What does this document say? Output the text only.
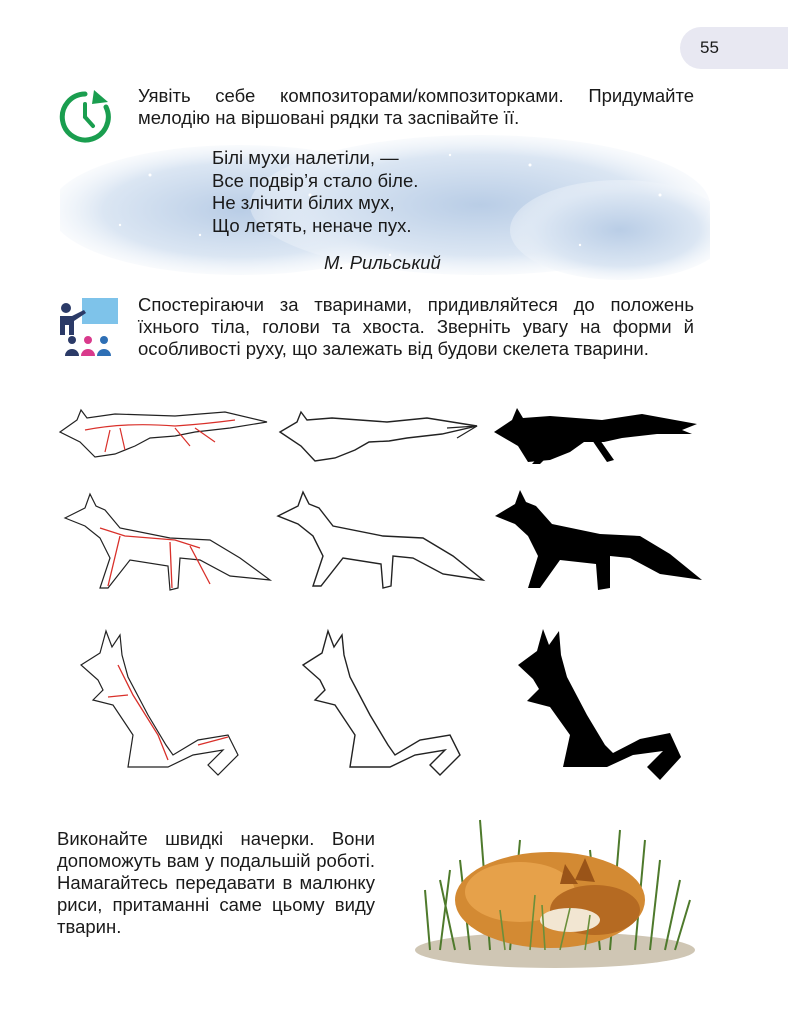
55
Уявіть себе композиторами/композиторками. Придумайте мелодію на віршовані рядки та заспівайте її.
Білі мухи налетіли, —
Все подвір’я стало біле.
Не злічити білих мух,
Що летять, неначе пух.
М. Рильський
Спостерігаючи за тваринами, придивляйтеся до положень їхнього тіла, голови та хвоста. Зверніть увагу на форми й особливості руху, що залежать від будови скелета тварини.
Виконайте швидкі начерки. Вони допоможуть вам у подальшій роботі. Намагайтесь передавати в малюнку риси, притаманні саме цьому виду тварин.
